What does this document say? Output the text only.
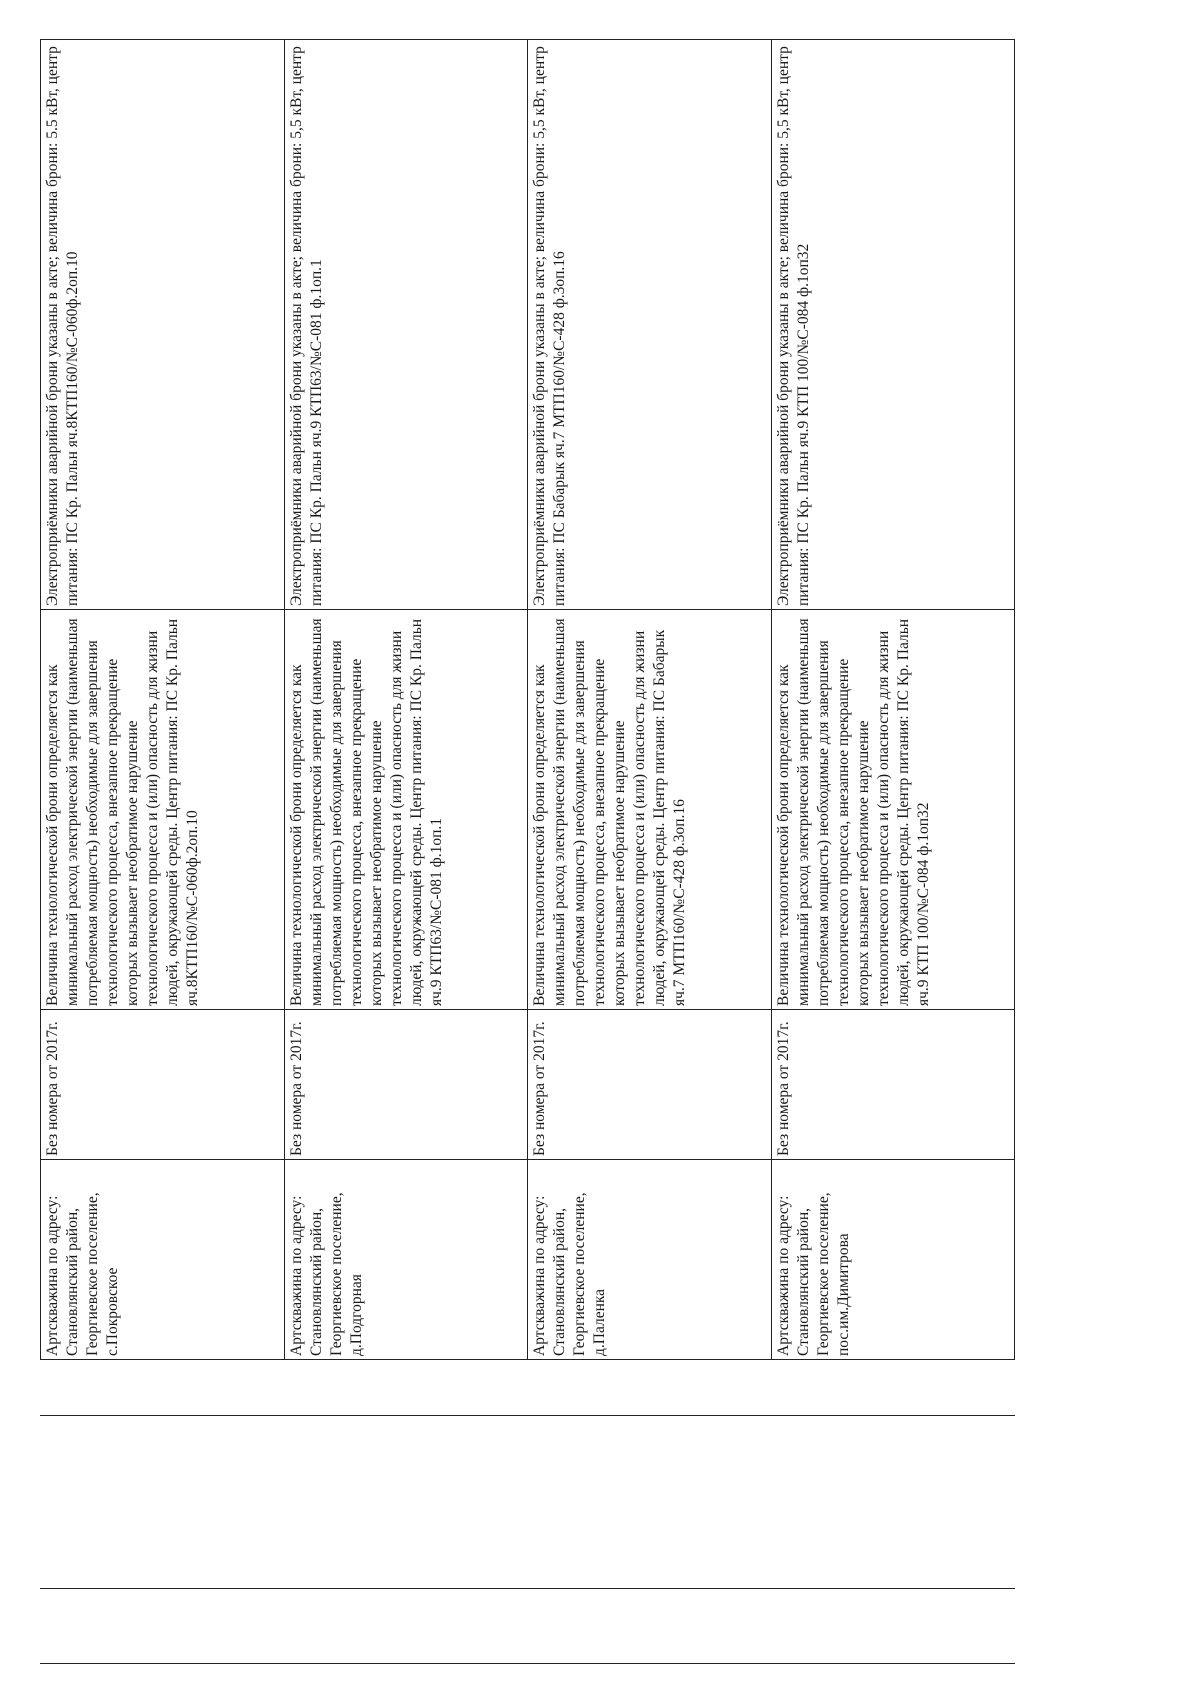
Артскважина по адресу: Становлянский район, Георгиевское поселение, с.Покровское	Без номера от 2017г.	Величина технологической брони определяется как минимальный расход электрической энергии (наименьшая потребляемая мощность) необходимые для завершения технологического процесса, внезапное прекращение которых вызывает необратимое нарушение технологического процесса и (или) опасность для жизни людей, окружающей среды. Центр питания: ПС Кр. Пальн яч.8КТП160/№С-060ф.2оп.10	Электроприёмники аварийной брони указаны в акте; величина брони: 5.5 кВт, центр питания: ПС Кр. Пальн яч.8КТП160/№С-060ф.2оп.10
Артскважина по адресу: Становлянский район, Георгиевское поселение, д.Подгорная	Без номера от 2017г.	Величина технологической брони определяется как минимальный расход электрической энергии (наименьшая потребляемая мощность) необходимые для завершения технологического процесса, внезапное прекращение которых вызывает необратимое нарушение технологического процесса и (или) опасность для жизни людей, окружающей среды. Центр питания: ПС Кр. Пальн яч.9 КТП63/№С-081 ф.1оп.1	Электроприёмники аварийной брони указаны в акте; величина брони: 5,5 кВт, центр питания: ПС Кр. Пальн яч.9 КТП63/№С-081 ф.1оп.1
Артскважина по адресу: Становлянский район, Георгиевское поселение, д.Паленка	Без номера от 2017г.	Величина технологической брони определяется как минимальный расход электрической энергии (наименьшая потребляемая мощность) необходимые для завершения технологического процесса, внезапное прекращение которых вызывает необратимое нарушение технологического процесса и (или) опасность для жизни людей, окружающей среды. Центр питания: ПС Бабарык яч.7 МТП160/№С-428 ф.3оп.16	Электроприёмники аварийной брони указаны в акте; величина брони: 5,5 кВт, центр питания: ПС Бабарык яч.7 МТП160/№С-428 ф.3оп.16
Артскважина по адресу: Становлянский район, Георгиевское поселение, пос.им.Димитрова	Без номера от 2017г.	Величина технологической брони определяется как минимальный расход электрической энергии (наименьшая потребляемая мощность) необходимые для завершения технологического процесса, внезапное прекращение которых вызывает необратимое нарушение технологического процесса и (или) опасность для жизни людей, окружающей среды. Центр питания: ПС Кр. Пальн яч.9 КТП 100/№С-084 ф.1оп32	Электроприёмники аварийной брони указаны в акте; величина брони: 5,5 кВт, центр питания: ПС Кр. Пальн яч.9 КТП 100/№С-084 ф.1оп32
